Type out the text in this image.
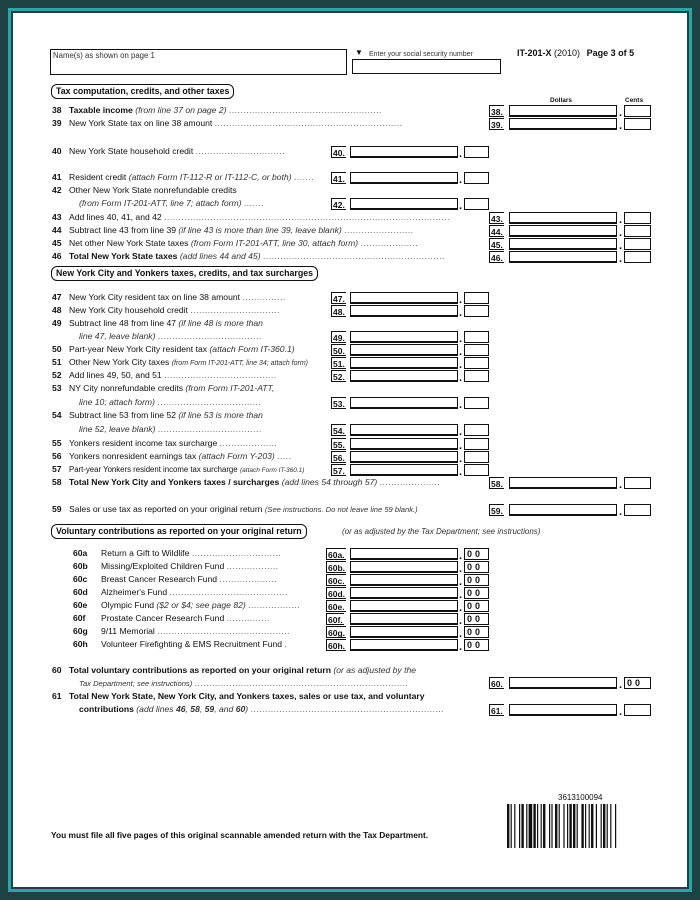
Name(s) as shown on page 1	▼ Enter your social security number	IT-201-X (2010) Page 3 of 5
Tax computation, credits, and other taxes
Dollars	Cents
38 Taxable income (from line 37 on page 2) .....................................................	38.	.
39 New York State tax on line 38 amount .................................................................	39.	.
40 New York State household credit ...............................	40.	.
41 Resident credit (attach Form IT-112-R or IT-112-C, or both) ....... 41.	.
42 Other New York State nonrefundable credits
(from Form IT-201-ATT, line 7; attach form) .......	42.	.
43 Add lines 40, 41, and 42 ...................................................................................................	43.	.
44 Subtract line 43 from line 39 (if line 43 is more than line 39, leave blank) ........................	44.	.
45 Net other New York State taxes (from Form IT-201-ATT, line 30, attach form) ....................	45.	.
46 Total New York State taxes (add lines 44 and 45) ...............................................................	46.	.
New York City and Yonkers taxes, credits, and tax surcharges
47 New York City resident tax on line 38 amount ...............	47.	.
48 New York City household credit ...............................	48.	.
49 Subtract line 48 from line 47 (if line 48 is more than
line 47, leave blank) ....................................	49.	.
50 Part-year New York City resident tax (attach Form IT-360.1)	50.	.
51 Other New York City taxes (from Form IT-201-ATT, line 34; attach form)	51.	.
52 Add lines 49, 50, and 51 .......................................	52.	.
53 NY City nonrefundable credits (from Form IT-201-ATT,
line 10; attach form) ....................................	53.	.
54 Subtract line 53 from line 52 (if line 53 is more than
line 52, leave blank) ....................................	54.	.
55 Yonkers resident income tax surcharge ....................	55.	.
56 Yonkers nonresident earnings tax (attach Form Y-203) .....	56.	.
57 Part-year Yonkers resident income tax surcharge (attach Form IT-360.1)	57.	.
58 Total New York City and Yonkers taxes / surcharges (add lines 54 through 57) .....................	58.	.
59 Sales or use tax as reported on your original return (See instructions. Do not leave line 59 blank.)	59.	.
Voluntary contributions as reported on your original return	(or as adjusted by the Tax Department; see instructions)
60a Return a Gift to Wildlife ...............................	60a.	. 00
60b Missing/Exploited Children Fund ..................	60b.	. 00
60c Breast Cancer Research Fund ....................	60c.	. 00
60d Alzheimer's Fund .........................................	60d.	. 00
60e Olympic Fund ($2 or $4; see page 82) ..................	60e.	. 00
60f Prostate Cancer Research Fund ...............	60f.	. 00
60g 9/11 Memorial ..............................................	60g.	. 00
60h Volunteer Firefighting & EMS Recruitment Fund .	60h.	. 00
60 Total voluntary contributions as reported on your original return (or as adjusted by the
Tax Department; see instructions) ..........................................................................	60.	. 00
61 Total New York State, New York City, and Yonkers taxes, sales or use tax, and voluntary
contributions (add lines 46, 58, 59, and 60) ...................................................................	61.	.
3613100094
You must file all five pages of this original scannable amended return with the Tax Department.
